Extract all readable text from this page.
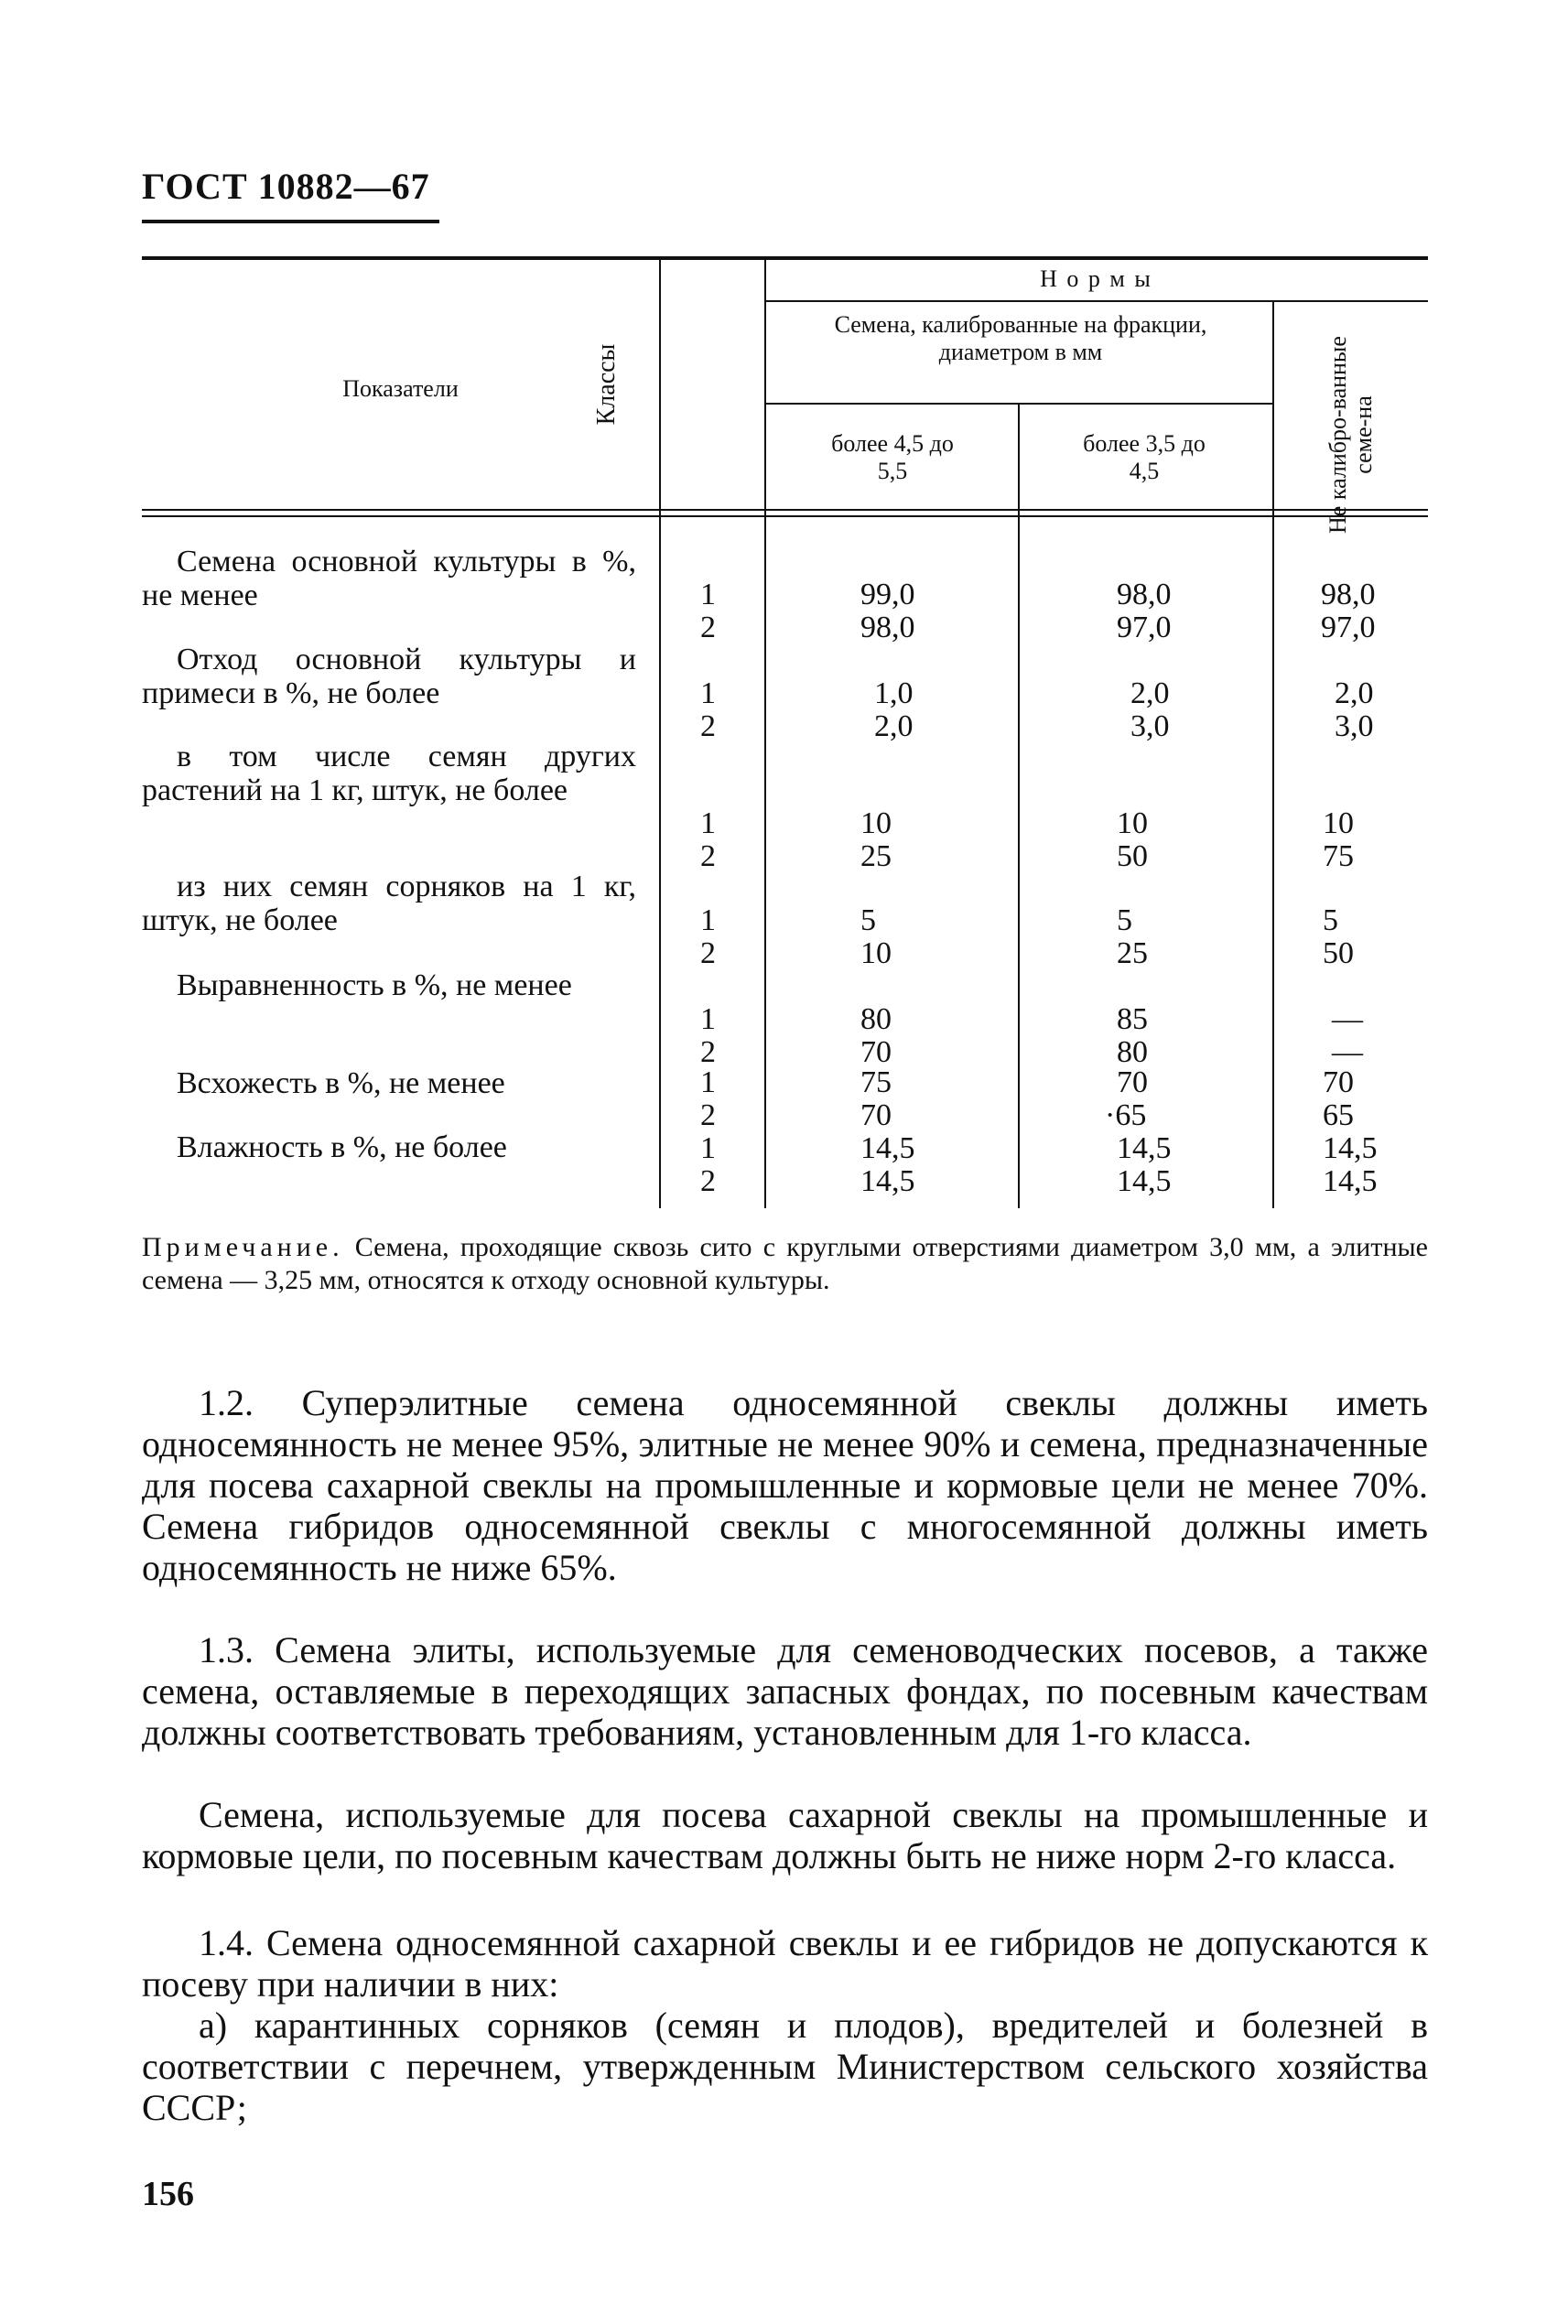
ГОСТ 10882—67
Показатели	Классы
Н о р м ы
Семена, калиброванные на фракции, диаметром в мм
более 4,5 до 5,5
более 3,5 до 4,5	Не калибро-ванные семе-на
Семена основной культуры в %, не менее
Отход основной культуры и примеси в %, не более
в том числе семян других растений на 1 кг, штук, не более
из них семян сорняков на 1 кг, штук, не более
Выравненность в %, не менее
Всхожесть в %, не менее
Влажность в %, не более
1
2
99,0
98,0
98,0
97,0
98,0
97,0
1
2
1,0
2,0
2,0
3,0
2,0
3,0
1
2
10
25
10
50
10
75
1
2
5
10
5
25
5
50
1
2
80
70
85
80
—
—
1
2
75
70
70
·65
70
65
1
2
14,5
14,5
14,5
14,5
14,5
14,5
Примечание. Семена, проходящие сквозь сито с круглыми отверстиями диаметром 3,0 мм, а элитные семена — 3,25 мм, относятся к отходу основной культуры.
1.2. Суперэлитные семена односемянной свеклы должны иметь односемянность не менее 95%, элитные не менее 90% и семена, предназначенные для посева сахарной свеклы на промышленные и кормовые цели не менее 70%. Семена гибридов односемянной свеклы с многосемянной должны иметь односемянность не ниже 65%.
1.3. Семена элиты, используемые для семеноводческих посевов, а также семена, оставляемые в переходящих запасных фондах, по посевным качествам должны соответствовать требованиям, установленным для 1-го класса.
Семена, используемые для посева сахарной свеклы на промышленные и кормовые цели, по посевным качествам должны быть не ниже норм 2-го класса.
1.4. Семена односемянной сахарной свеклы и ее гибридов не допускаются к посеву при наличии в них:
а) карантинных сорняков (семян и плодов), вредителей и болезней в соответствии с перечнем, утвержденным Министерством сельского хозяйства СССР;
156
